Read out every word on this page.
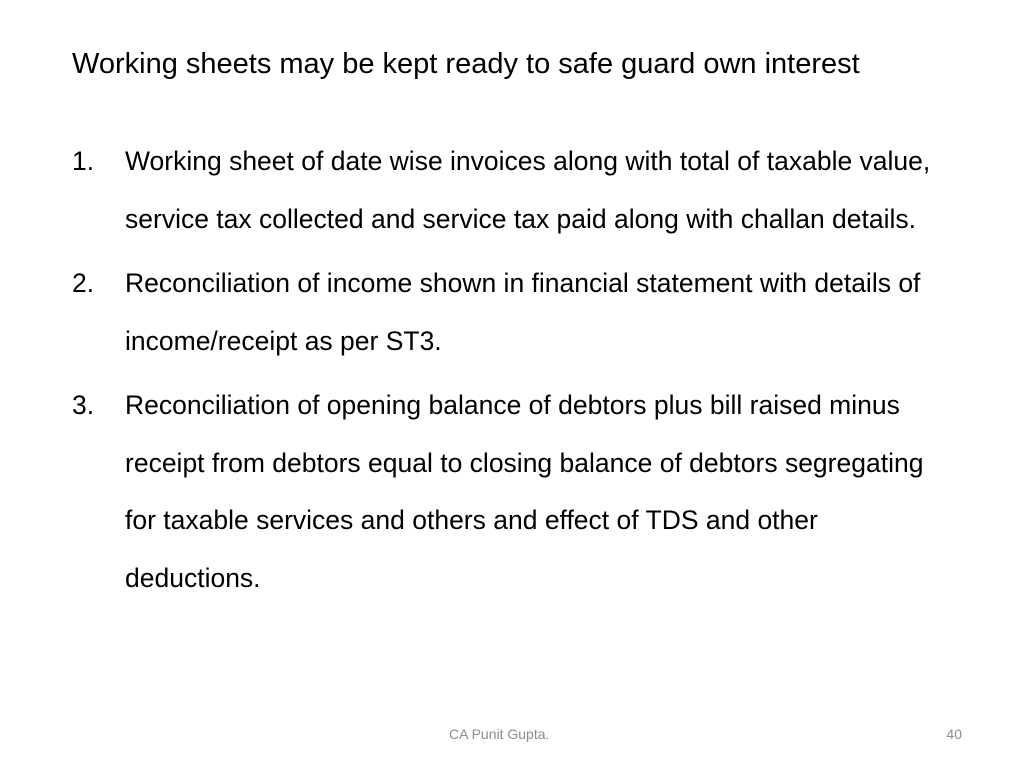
Working sheets may be kept ready to safe guard own interest
1. Working sheet of date wise invoices along with total of taxable value, service tax collected and service tax paid along with challan details.
2. Reconciliation of income shown in financial statement with details of income/receipt as per ST3.
3. Reconciliation of opening balance of debtors plus bill raised minus receipt from debtors equal to closing balance of debtors segregating for taxable services and others and effect of TDS and other deductions.
CA Punit Gupta.	40
